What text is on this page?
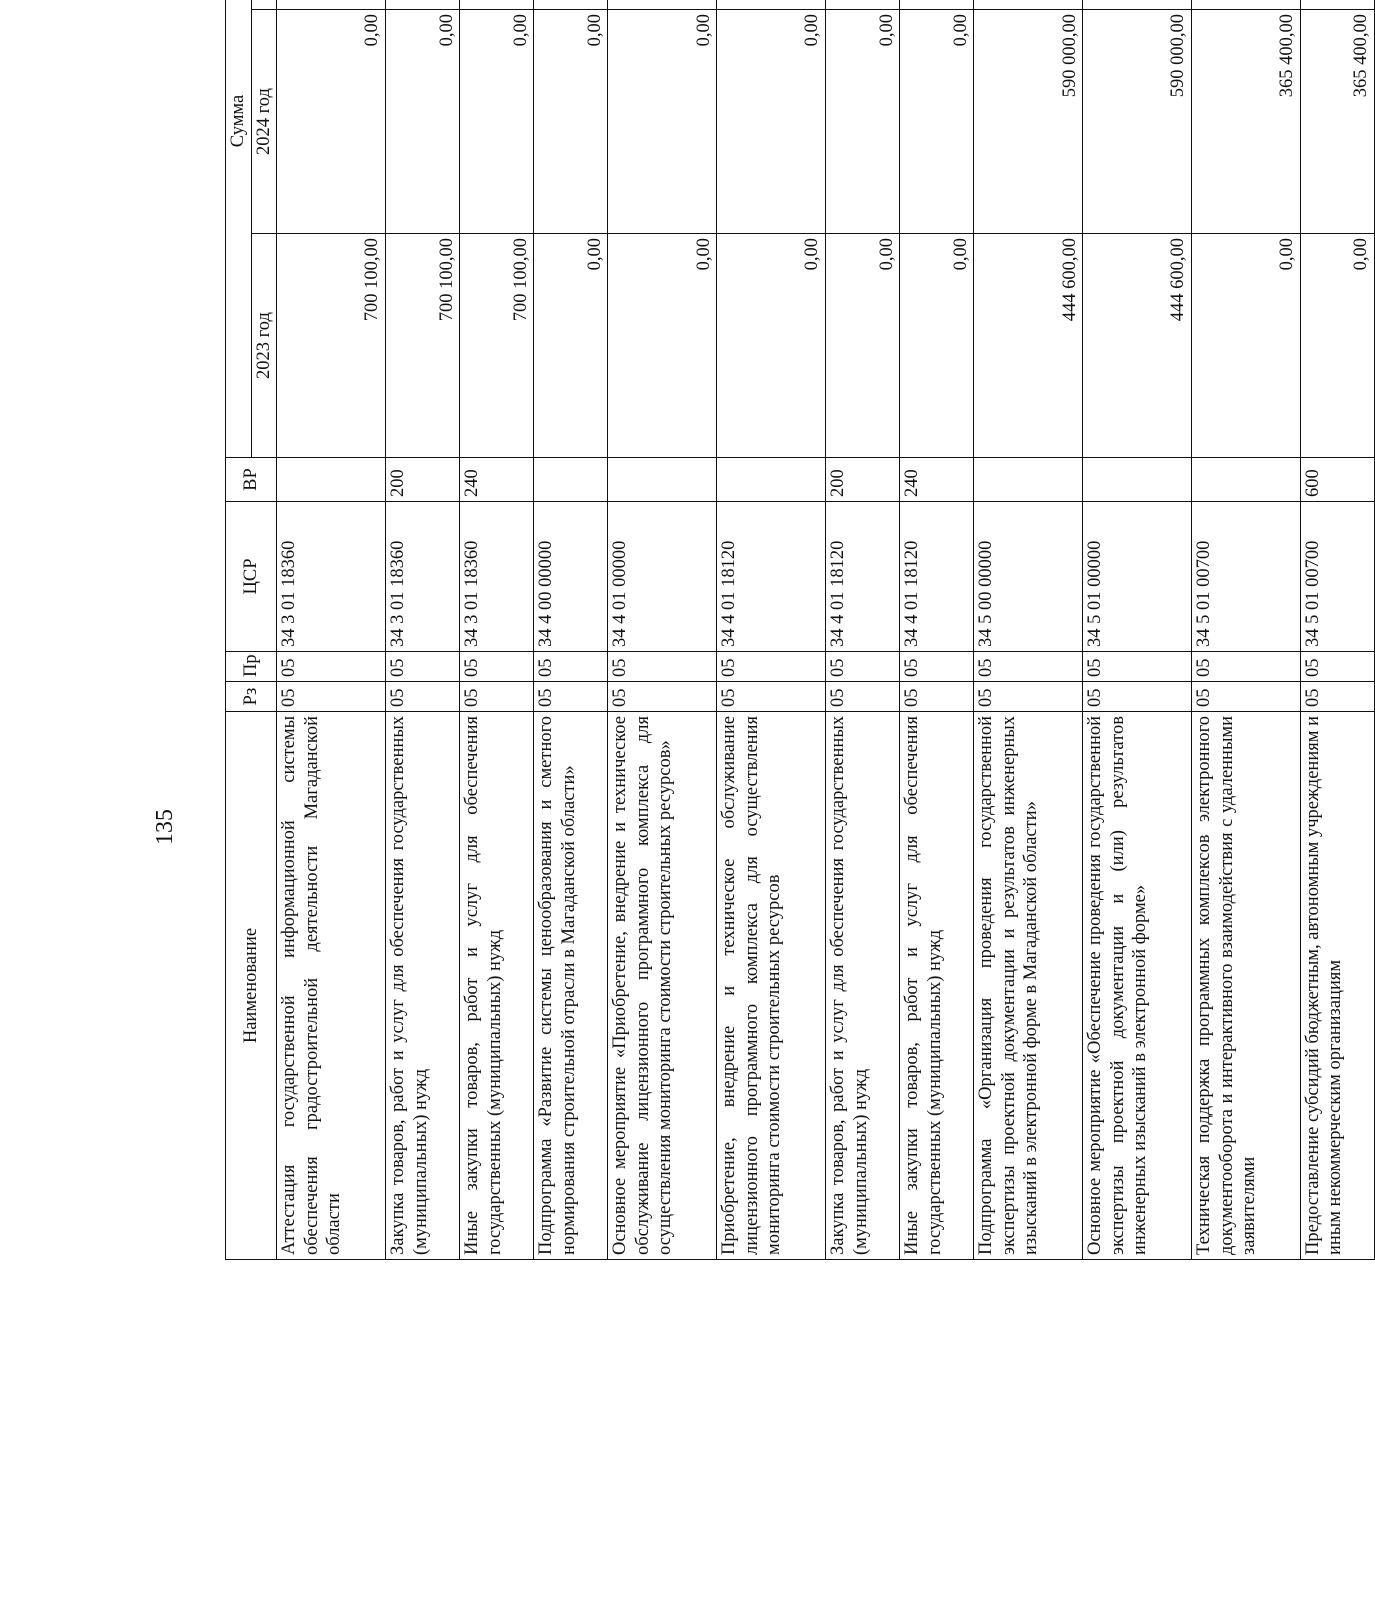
135
Наименование	Рз	Пр	ЦСР	ВР	Сумма		
					2023 год	2024 год	
Аттестация государственной информационной системы обеспечения градостроительной деятельности Магаданской области	05	05	34 3 01 18360		700 100,00	0,00	
Закупка товаров, работ и услуг для обеспечения государственных (муниципальных) нужд	05	05	34 3 01 18360	200	700 100,00	0,00	
Иные закупки товаров, работ и услуг для обеспечения государственных (муниципальных) нужд	05	05	34 3 01 18360	240	700 100,00	0,00	
Подпрограмма «Развитие системы ценообразования и сметного нормирования строительной отрасли в Магаданской области»	05	05	34 4 00 00000		0,00	0,00	
Основное мероприятие «Приобретение, внедрение и техническое обслуживание лицензионного программного комплекса для осуществления мониторинга стоимости строительных ресурсов»	05	05	34 4 01 00000		0,00	0,00	
Приобретение, внедрение и техническое обслуживание лицензионного программного комплекса для осуществления мониторинга стоимости строительных ресурсов	05	05	34 4 01 18120		0,00	0,00	
Закупка товаров, работ и услуг для обеспечения государственных (муниципальных) нужд	05	05	34 4 01 18120	200	0,00	0,00	
Иные закупки товаров, работ и услуг для обеспечения государственных (муниципальных) нужд	05	05	34 4 01 18120	240	0,00	0,00	
Подпрограмма «Организация проведения государственной экспертизы проектной документации и результатов инженерных изысканий в электронной форме в Магаданской области»	05	05	34 5 00 00000		444 600,00	590 000,00	
Основное мероприятие «Обеспечение проведения государственной экспертизы проектной документации и (или) результатов инженерных изысканий в электронной форме»	05	05	34 5 01 00000		444 600,00	590 000,00	
Техническая поддержка программных комплексов электронного документооборота и интерактивного взаимодействия с удаленными заявителями	05	05	34 5 01 00700		0,00	365 400,00	
Предоставление субсидий бюджетным, автономным учреждениям и иным некоммерческим организациям	05	05	34 5 01 00700	600	0,00	365 400,00	
